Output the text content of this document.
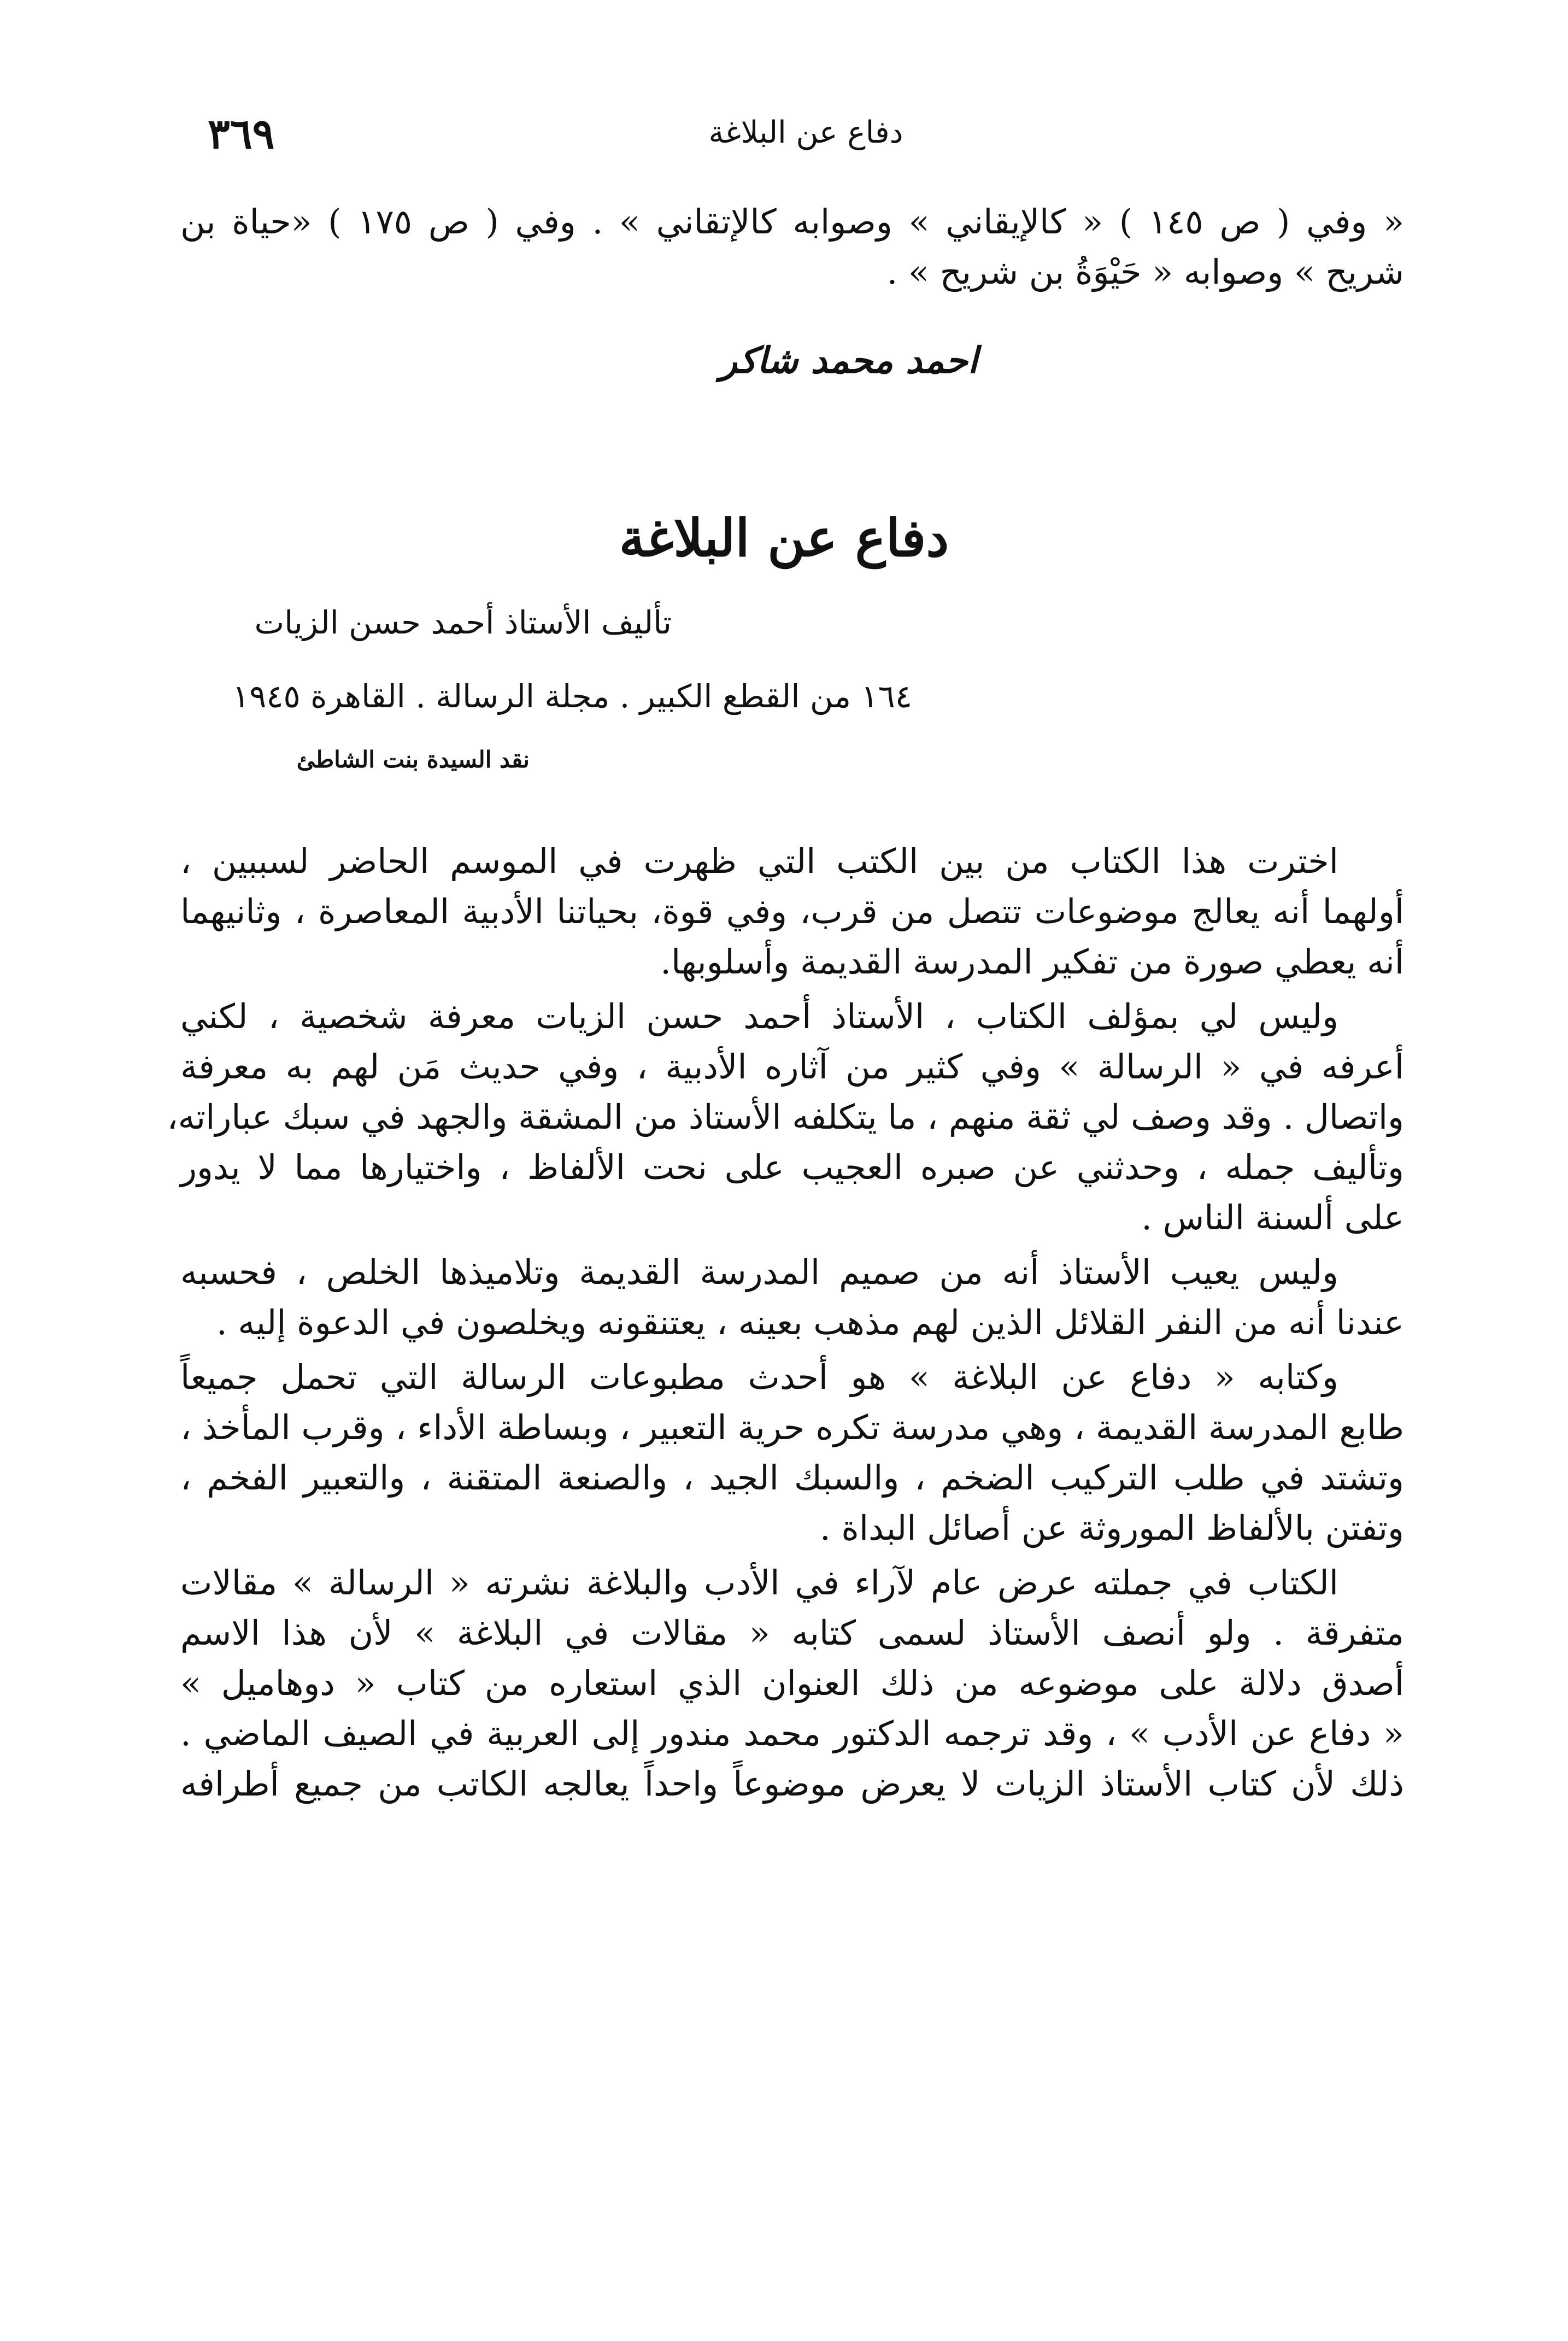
٣٦٩	دفاع عن البلاغة
« وفي ( ص ١٤٥ ) « كالإيقاني » وصوابه كالإتقاني » . وفي ( ص ١٧٥ ) «حياة بن
شريح » وصوابه « حَيْوَةُ بن شريح » .
احمد محمد شاكر
دفاع عن البلاغة
تأليف الأستاذ أحمد حسن الزيات
١٦٤ من القطع الكبير . مجلة الرسالة . القاهرة ١٩٤٥
نقد السيدة بنت الشاطئ
اخترت هذا الكتاب من بين الكتب التي ظهرت في الموسم الحاضر لسببين ،
أولهما أنه يعالج موضوعات تتصل من قرب، وفي قوة، بحياتنا الأدبية المعاصرة ، وثانيهما
أنه يعطي صورة من تفكير المدرسة القديمة وأسلوبها.
وليس لي بمؤلف الكتاب ، الأستاذ أحمد حسن الزيات معرفة شخصية ، لكني
أعرفه في « الرسالة » وفي كثير من آثاره الأدبية ، وفي حديث مَن لهم به معرفة
واتصال . وقد وصف لي ثقة منهم ، ما يتكلفه الأستاذ من المشقة والجهد في سبك عباراته،
وتأليف جمله ، وحدثني عن صبره العجيب على نحت الألفاظ ، واختيارها مما لا يدور
على ألسنة الناس .
وليس يعيب الأستاذ أنه من صميم المدرسة القديمة وتلاميذها الخلص ، فحسبه
عندنا أنه من النفر القلائل الذين لهم مذهب بعينه ، يعتنقونه ويخلصون في الدعوة إليه .
وكتابه « دفاع عن البلاغة » هو أحدث مطبوعات الرسالة التي تحمل جميعاً
طابع المدرسة القديمة ، وهي مدرسة تكره حرية التعبير ، وبساطة الأداء ، وقرب المأخذ ،
وتشتد في طلب التركيب الضخم ، والسبك الجيد ، والصنعة المتقنة ، والتعبير الفخم ،
وتفتن بالألفاظ الموروثة عن أصائل البداة .
الكتاب في جملته عرض عام لآراء في الأدب والبلاغة نشرته « الرسالة » مقالات
متفرقة . ولو أنصف الأستاذ لسمى كتابه « مقالات في البلاغة » لأن هذا الاسم
أصدق دلالة على موضوعه من ذلك العنوان الذي استعاره من كتاب « دوهاميل »
« دفاع عن الأدب » ، وقد ترجمه الدكتور محمد مندور إلى العربية في الصيف الماضي .
ذلك لأن كتاب الأستاذ الزيات لا يعرض موضوعاً واحداً يعالجه الكاتب من جميع أطرافه
